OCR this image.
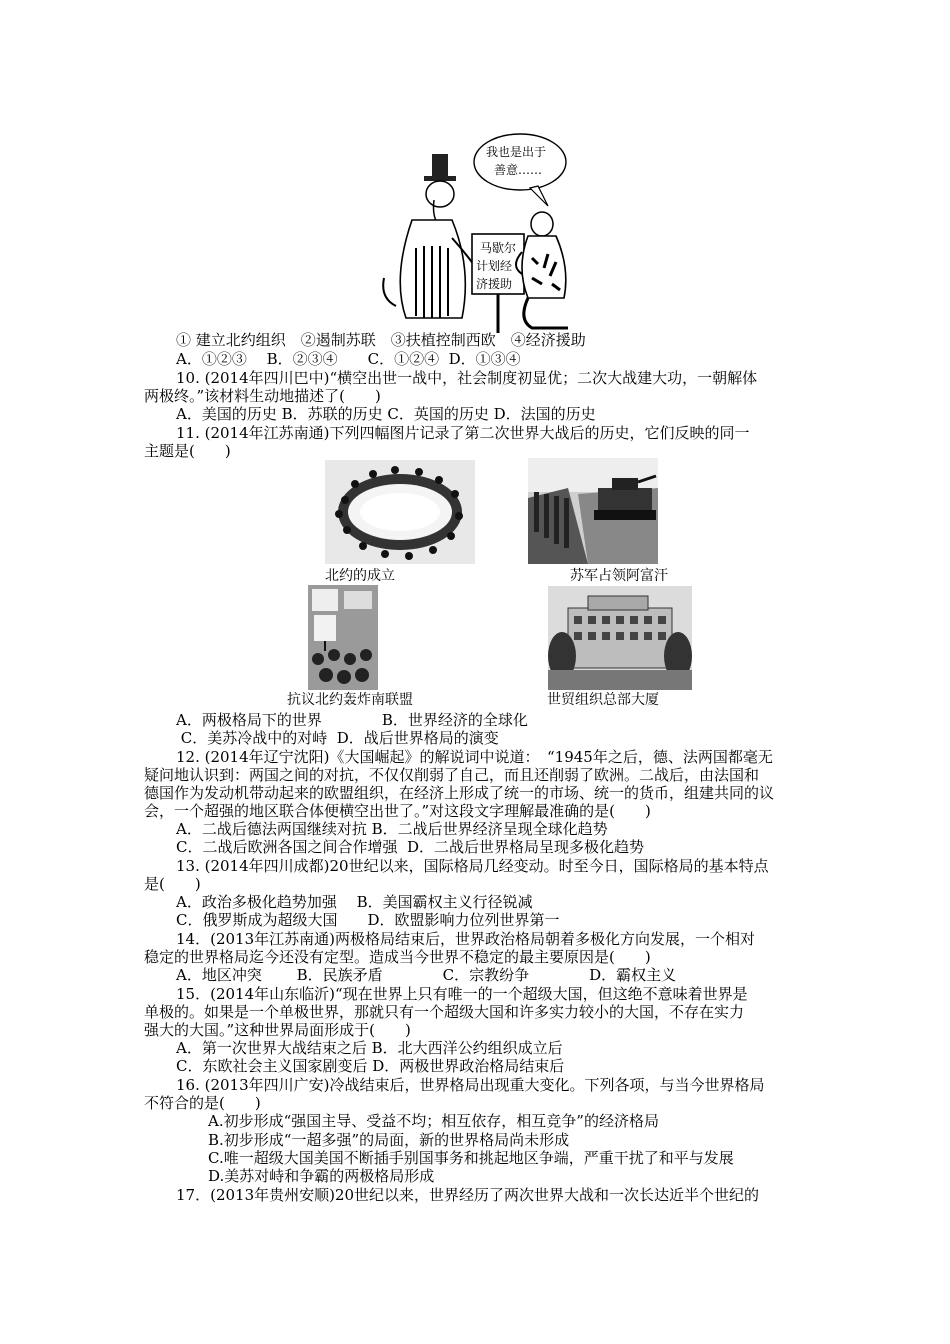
我也是出于
善意……
马歇尔
计划经
济援助
① 建立北约组织　②遏制苏联　③扶植控制西欧　④经济援助
A．①②③　 B．②③④　　C．①②④  D．①③④
10. (2014年四川巴中)“横空出世一战中，社会制度初显优；二次大战建大功，一朝解体
两极终。”该材料生动地描述了(　　)
A．美国的历史 B．苏联的历史 C．英国的历史 D．法国的历史
11. (2014年江苏南通)下列四幅图片记录了第二次世界大战后的历史，它们反映的同一
主题是(　　)
北约的成立	苏军占领阿富汗
抗议北约轰炸南联盟	世贸组织总部大厦
A．两极格局下的世界　　　　B．世界经济的全球化
C．美苏冷战中的对峙  D．战后世界格局的演变
12. (2014年辽宁沈阳)《大国崛起》的解说词中说道：　“1945年之后，德、法两国都毫无
疑问地认识到：两国之间的对抗，不仅仅削弱了自己，而且还削弱了欧洲。二战后，由法国和
德国作为发动机带动起来的欧盟组织，在经济上形成了统一的市场、统一的货币，组建共同的议
会，一个超强的地区联合体便横空出世了。”对这段文字理解最准确的是(　　)
A．二战后德法两国继续对抗 B．二战后世界经济呈现全球化趋势
C．二战后欧洲各国之间合作增强  D．二战后世界格局呈现多极化趋势
13. (2014年四川成都)20世纪以来，国际格局几经变动。时至今日，国际格局的基本特点
是(　　)
A．政治多极化趋势加强　 B．美国霸权主义行径锐减
C．俄罗斯成为超级大国　　D．欧盟影响力位列世界第一
14．(2013年江苏南通)两极格局结束后，世界政治格局朝着多极化方向发展，一个相对
稳定的世界格局迄今还没有定型。造成当今世界不稳定的最主要原因是(　　)
A．地区冲突　　 B．民族矛盾　　　　C．宗教纷争　　　　D．霸权主义
15．(2014年山东临沂)“现在世界上只有唯一的一个超级大国，但这绝不意味着世界是
单极的。如果是一个单极世界，那就只有一个超级大国和许多实力较小的大国，不存在实力
强大的大国。”这种世界局面形成于(　　)
A．第一次世界大战结束之后 B．北大西洋公约组织成立后
C．东欧社会主义国家剧变后 D．两极世界政治格局结束后
16. (2013年四川广安)冷战结束后，世界格局出现重大变化。下列各项，与当今世界格局
不符合的是(　　)
A.初步形成“强国主导、受益不均；相互依存，相互竞争”的经济格局
B.初步形成“一超多强”的局面，新的世界格局尚未形成
C.唯一超级大国美国不断插手别国事务和挑起地区争端，严重干扰了和平与发展
D.美苏对峙和争霸的两极格局形成
17．(2013年贵州安顺)20世纪以来，世界经历了两次世界大战和一次长达近半个世纪的
